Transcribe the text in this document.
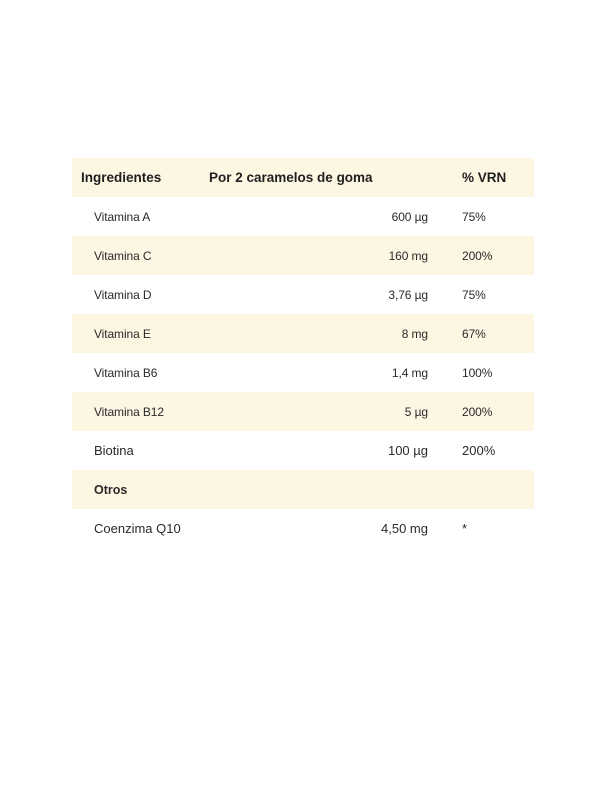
Ingredientes	Por 2 caramelos de goma	% VRN
Vitamina A	600 µg	75%
Vitamina C	160 mg	200%
Vitamina D	3,76 µg	75%
Vitamina E	8 mg	67%
Vitamina B6	1,4 mg	100%
Vitamina B12	5 µg	200%
Biotina	100 µg	200%
Otros
Coenzima Q10	4,50 mg	*
